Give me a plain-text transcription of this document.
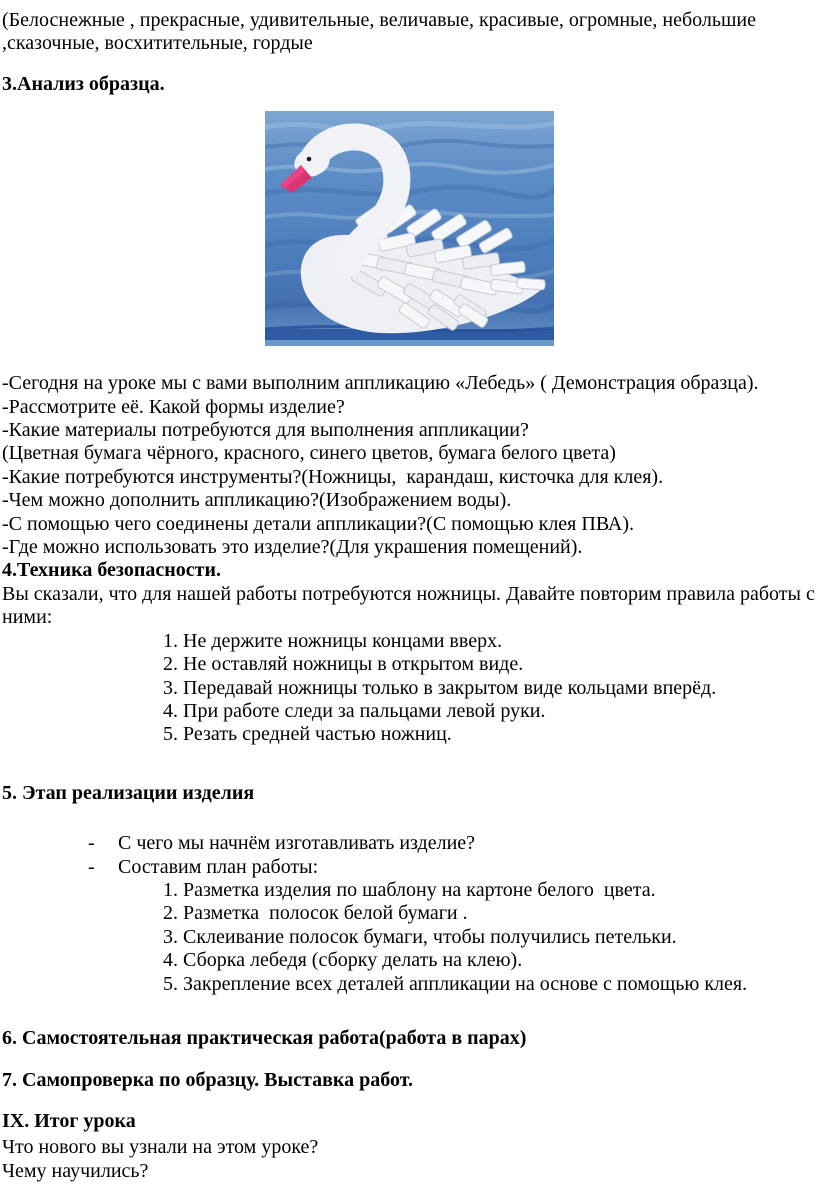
(Белоснежные , прекрасные, удивительные, величавые, красивые, огромные, небольшие
,сказочные, восхитительные, гордые
3.Анализ образца.
-Сегодня на уроке мы с вами выполним аппликацию «Лебедь» ( Демонстрация образца).
-Рассмотрите её. Какой формы изделие?
-Какие материалы потребуются для выполнения аппликации?
(Цветная бумага чёрного, красного, синего цветов, бумага белого цвета)
-Какие потребуются инструменты?(Ножницы,  карандаш, кисточка для клея).
-Чем можно дополнить аппликацию?(Изображением воды).
-С помощью чего соединены детали аппликации?(С помощью клея ПВА).
-Где можно использовать это изделие?(Для украшения помещений).
4.Техника безопасности.
Вы сказали, что для нашей работы потребуются ножницы. Давайте повторим правила работы с
ними:
1. Не держите ножницы концами вверх.
2. Не оставляй ножницы в открытом виде.
3. Передавай ножницы только в закрытом виде кольцами вперёд.
4. При работе следи за пальцами левой руки.
5. Резать средней частью ножниц.
5. Этап реализации изделия
- С чего мы начнём изготавливать изделие?
- Составим план работы:
1. Разметка изделия по шаблону на картоне белого  цвета.
2. Разметка  полосок белой бумаги .
3. Склеивание полосок бумаги, чтобы получились петельки.
4. Сборка лебедя (сборку делать на клею).
5. Закрепление всех деталей аппликации на основе с помощью клея.
6. Самостоятельная практическая работа(работа в парах)
7. Самопроверка по образцу. Выставка работ.
IX. Итог урока
Что нового вы узнали на этом уроке?
Чему научились?
